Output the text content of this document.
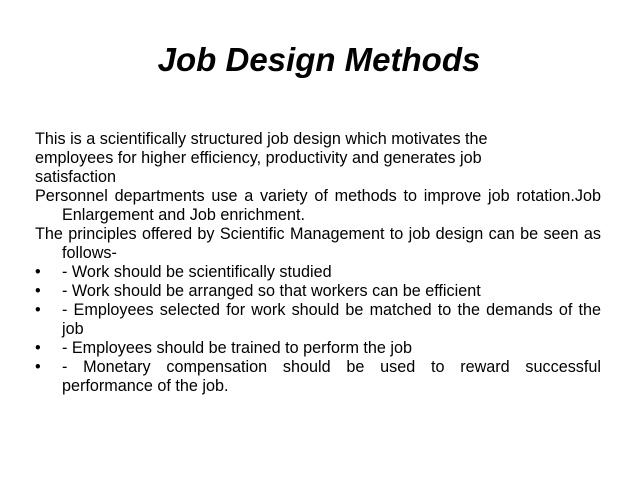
Job Design Methods

This is a scientifically structured job design which motivates the

employees for higher efficiency, productivity and generates job

satisfaction

Personnel departments use a variety of methods to improve job rotation.Job Enlargement and Job enrichment.

The principles offered by Scientific Management to job design can be seen as follows-

•	- Work should be scientifically studied
•	- Work should be arranged so that workers can be efficient
•	- Employees selected for work should be matched to the demands of the job
•	- Employees should be trained to perform the job
•	- Monetary compensation should be used to reward successful performance of the job.
